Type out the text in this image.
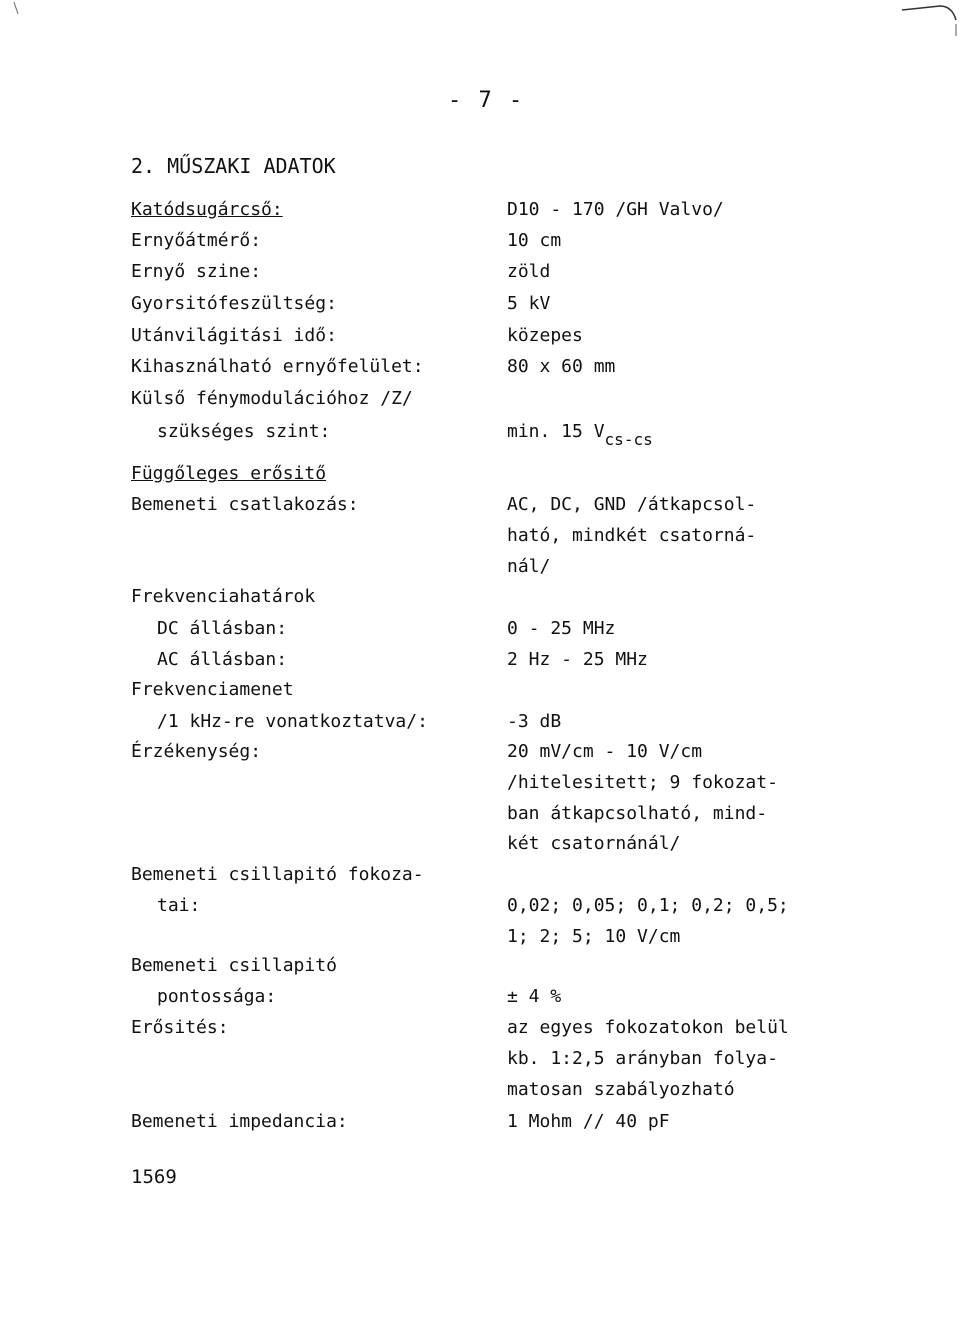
- 7 -
2. MŰSZAKI ADATOK
Katódsugárcső:	D10 - 170 /GH Valvo/
Ernyőátmérő:	10 cm
Ernyő szine:	zöld
Gyorsitófeszültség:	5 kV
Utánvilágitási idő:	közepes
Kihasználható ernyőfelület:	80 x 60 mm
Külső fénymodulációhoz /Z/
szükséges szint:	min. 15 Vcs-cs
Függőleges erősitő
Bemeneti csatlakozás:	AC, DC, GND /átkapcsol-
ható, mindkét csatorná-
nál/
Frekvenciahatárok
DC állásban:	0 - 25 MHz
AC állásban:	2 Hz - 25 MHz
Frekvenciamenet
/1 kHz-re vonatkoztatva/:	-3 dB
Érzékenység:	20 mV/cm - 10 V/cm
/hitelesitett; 9 fokozat-
ban átkapcsolható, mind-
két csatornánál/
Bemeneti csillapitó fokoza-
tai:	0,02; 0,05; 0,1; 0,2; 0,5;
1; 2; 5; 10 V/cm
Bemeneti csillapitó
pontossága:	± 4 %
Erősités:	az egyes fokozatokon belül
kb. 1:2,5 arányban folya-
matosan szabályozható
Bemeneti impedancia:	1 Mohm // 40 pF
1569
